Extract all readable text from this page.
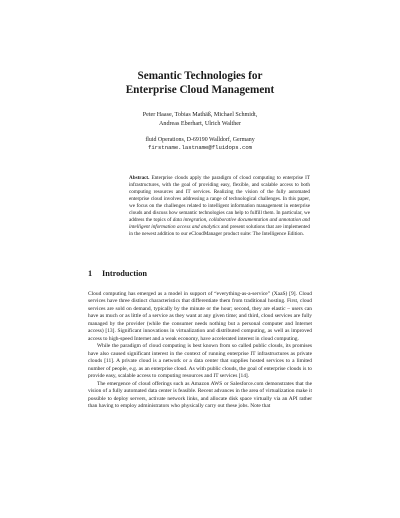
Semantic Technologies for
Enterprise Cloud Management
Peter Haase, Tobias Mathäß, Michael Schmidt,
Andreas Eberhart, Ulrich Walther
fluid Operations, D-69190 Walldorf, Germany
firstname.lastname@fluidops.com
Abstract. Enterprise clouds apply the paradigm of cloud computing to enterprise IT infrastructures, with the goal of providing easy, flexible, and scalable access to both computing resources and IT services. Realizing the vision of the fully automated enterprise cloud involves addressing a range of technological challenges. In this paper, we focus on the challenges related to intelligent information management in enterprise clouds and discuss how semantic technologies can help to fulfill them. In particular, we address the topics of data integration, collaborative documentation and annotation and intelligent information access and analytics and present solutions that are implemented in the newest addition to our eCloudManager product suite: The Intelligence Edition.
1 Introduction

Cloud computing has emerged as a model in support of “everything-as-a-service” (XaaS) [9]. Cloud services have three distinct characteristics that differentiate them from traditional hosting. First, cloud services are sold on demand, typically by the minute or the hour; second, they are elastic – users can have as much or as little of a service as they want at any given time; and third, cloud services are fully managed by the provider (while the consumer needs nothing but a personal computer and Internet access) [13]. Significant innovations in virtualization and distributed computing, as well as improved access to high-speed Internet and a weak economy, have accelerated interest in cloud computing.

While the paradigm of cloud computing is best known from so called public clouds, its promises have also caused significant interest in the context of running enterprise IT infrastructures as private clouds [11]. A private cloud is a network or a data center that supplies hosted services to a limited number of people, e.g. as an enterprise cloud. As with public clouds, the goal of enterprise clouds is to provide easy, scalable access to computing resources and IT services [14].

The emergence of cloud offerings such as Amazon AWS or Salesforce.com demonstrates that the vision of a fully automated data center is feasible. Recent advances in the area of virtualization make it possible to deploy servers, activate network links, and allocate disk space virtually via an API rather than having to employ administrators who physically carry out these jobs. Note that
